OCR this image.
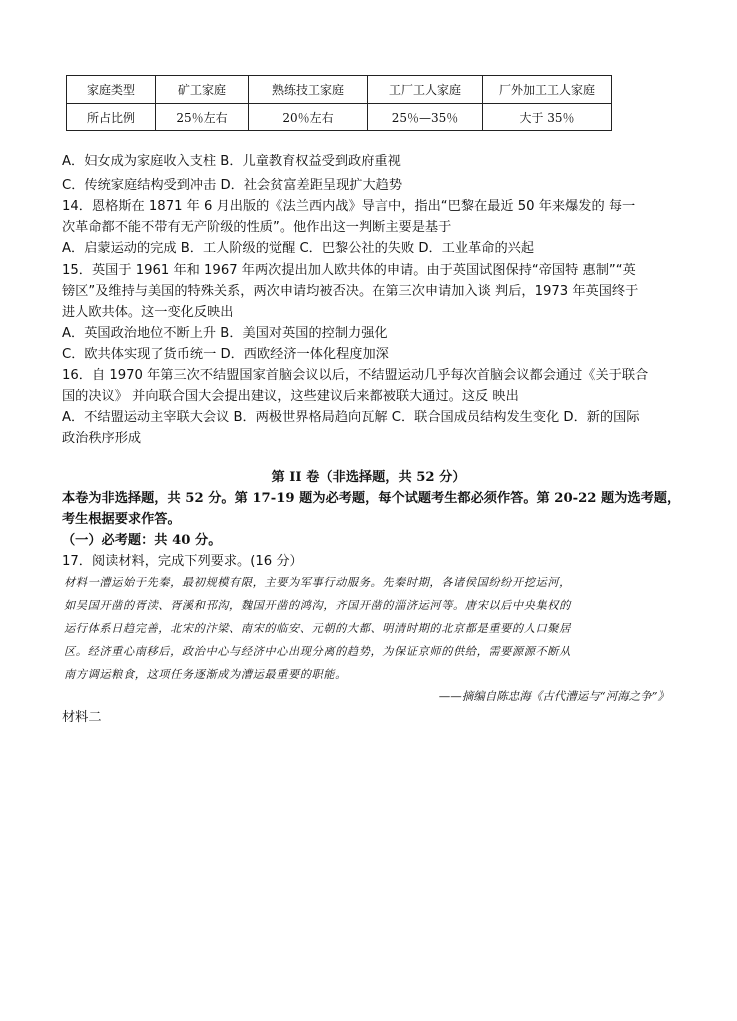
家庭类型	矿工家庭	熟练技工家庭	工厂工人家庭	厂外加工工人家庭
所占比例	25％左右	20％左右	25％—35％	大于 35％
A．妇女成为家庭收入支柱 B．儿童教育权益受到政府重视
C．传统家庭结构受到冲击 D．社会贫富差距呈现扩大趋势
14．恩格斯在 1871 年 6 月出版的《法兰西内战》导言中，指出“巴黎在最近 50 年来爆发的 每一
次革命都不能不带有无产阶级的性质”。他作出这一判断主要是基于
A．启蒙运动的完成 B．工人阶级的觉醒 C．巴黎公社的失败 D．工业革命的兴起
15．英国于 1961 年和 1967 年两次提出加人欧共体的申请。由于英国试图保持“帝国特 惠制”“英
镑区”及维持与美国的特殊关系，两次申请均被否决。在第三次申请加入谈 判后，1973 年英国终于
进人欧共体。这一变化反映出
A．英国政治地位不断上升 B．美国对英国的控制力强化
C．欧共体实现了货币统一 D．西欧经济一体化程度加深
16．自 1970 年第三次不结盟国家首脑会议以后，不结盟运动几乎每次首脑会议都会通过《关于联合
国的决议》 并向联合国大会提出建议，这些建议后来都被联大通过。这反 映出
A．不结盟运动主宰联大会议 B．两极世界格局趋向瓦解 C．联合国成员结构发生变化 D．新的国际
政治秩序形成
第 II 卷（非选择题，共 52 分）
本卷为非选择题，共 52 分。第 17-19 题为必考题，每个试题考生都必须作答。第 20-22 题为选考题，
考生根据要求作答。
（一）必考题：共 40 分。
17．阅读材料，完成下列要求。(16 分）
材料一漕运始于先秦，最初规模有限，主要为军事行动服务。先秦时期，各诸侯国纷纷开挖运河，
如吴国开凿的胥渎、胥溪和邗沟，魏国开凿的鸿沟，齐国开凿的淄济运河等。唐宋以后中央集权的
运行体系日趋完善，北宋的汴梁、南宋的临安、元朝的大都、明清时期的北京都是重要的人口聚居
区。经济重心南移后，政治中心与经济中心出现分离的趋势，为保证京师的供给，需要源源不断从
南方调运粮食，这项任务逐渐成为漕运最重要的职能。
——摘编自陈忠海《古代漕运与“河海之争”》
材料二
